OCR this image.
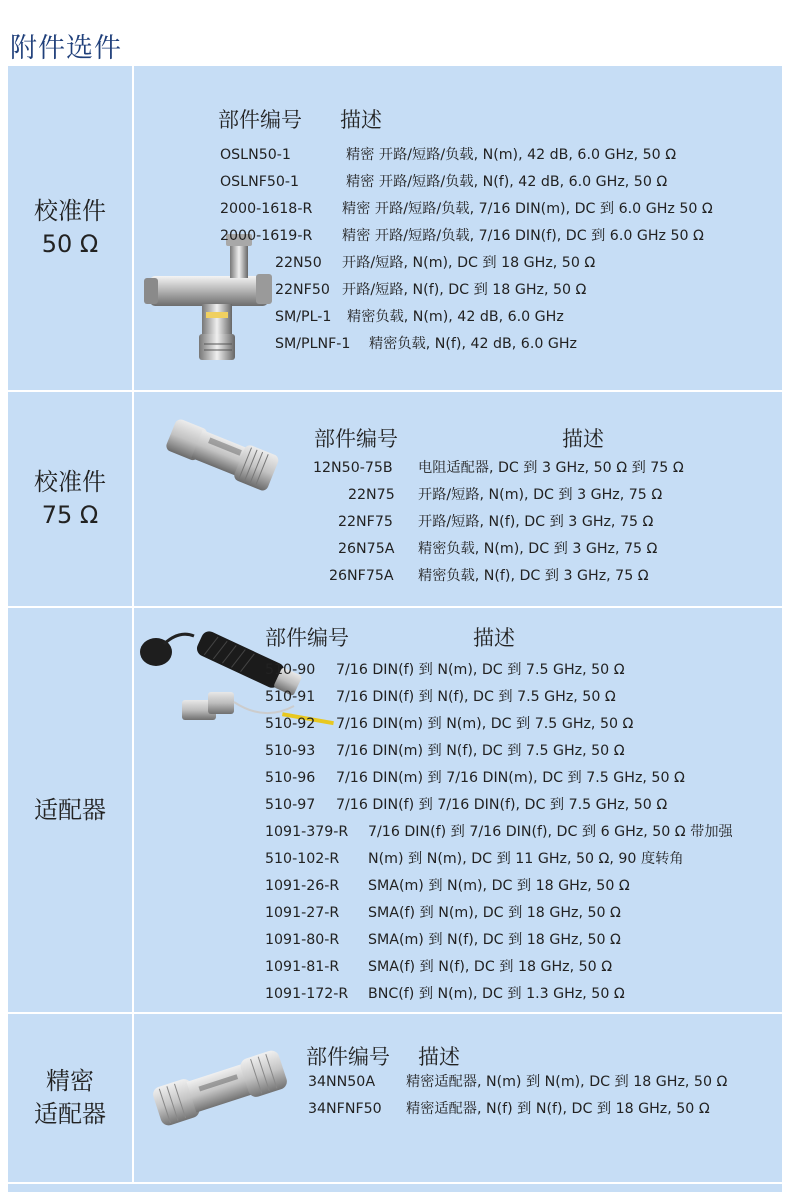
附件选件
校准件
50 Ω
校准件
75 Ω
适配器
精密
适配器
部件编号 描述
OSLN50-1	精密 开路/短路/负载, N(m), 42 dB, 6.0 GHz, 50 Ω
OSLNF50-1	精密 开路/短路/负载, N(f), 42 dB, 6.0 GHz, 50 Ω
2000-1618-R 精密 开路/短路/负载, 7/16 DIN(m), DC 到 6.0 GHz 50 Ω
2000-1619-R 精密 开路/短路/负载, 7/16 DIN(f), DC 到 6.0 GHz 50 Ω
22N50 开路/短路, N(m), DC 到 18 GHz, 50 Ω
22NF50 开路/短路, N(f), DC 到 18 GHz, 50 Ω
SM/PL-1 精密负载, N(m), 42 dB, 6.0 GHz
SM/PLNF-1 精密负载, N(f), 42 dB, 6.0 GHz
部件编号	描述
12N50-75B 电阻适配器, DC 到 3 GHz, 50 Ω 到 75 Ω
22N75 开路/短路, N(m), DC 到 3 GHz, 75 Ω
22NF75 开路/短路, N(f), DC 到 3 GHz, 75 Ω
26N75A 精密负载, N(m), DC 到 3 GHz, 75 Ω
26NF75A 精密负载, N(f), DC 到 3 GHz, 75 Ω
部件编号	描述
510-90 7/16 DIN(f) 到 N(m), DC 到 7.5 GHz, 50 Ω
510-91 7/16 DIN(f) 到 N(f), DC 到 7.5 GHz, 50 Ω
510-92 7/16 DIN(m) 到 N(m), DC 到 7.5 GHz, 50 Ω
510-93 7/16 DIN(m) 到 N(f), DC 到 7.5 GHz, 50 Ω
510-96 7/16 DIN(m) 到 7/16 DIN(m), DC 到 7.5 GHz, 50 Ω
510-97 7/16 DIN(f) 到 7/16 DIN(f), DC 到 7.5 GHz, 50 Ω
1091-379-R 7/16 DIN(f) 到 7/16 DIN(f), DC 到 6 GHz, 50 Ω 带加强
510-102-R N(m) 到 N(m), DC 到 11 GHz, 50 Ω, 90 度转角
1091-26-R SMA(m) 到 N(m), DC 到 18 GHz, 50 Ω
1091-27-R SMA(f) 到 N(m), DC 到 18 GHz, 50 Ω
1091-80-R SMA(m) 到 N(f), DC 到 18 GHz, 50 Ω
1091-81-R SMA(f) 到 N(f), DC 到 18 GHz, 50 Ω
1091-172-R BNC(f) 到 N(m), DC 到 1.3 GHz, 50 Ω
部件编号 描述
34NN50A 精密适配器, N(m) 到 N(m), DC 到 18 GHz, 50 Ω
34NFNF50 精密适配器, N(f) 到 N(f), DC 到 18 GHz, 50 Ω
